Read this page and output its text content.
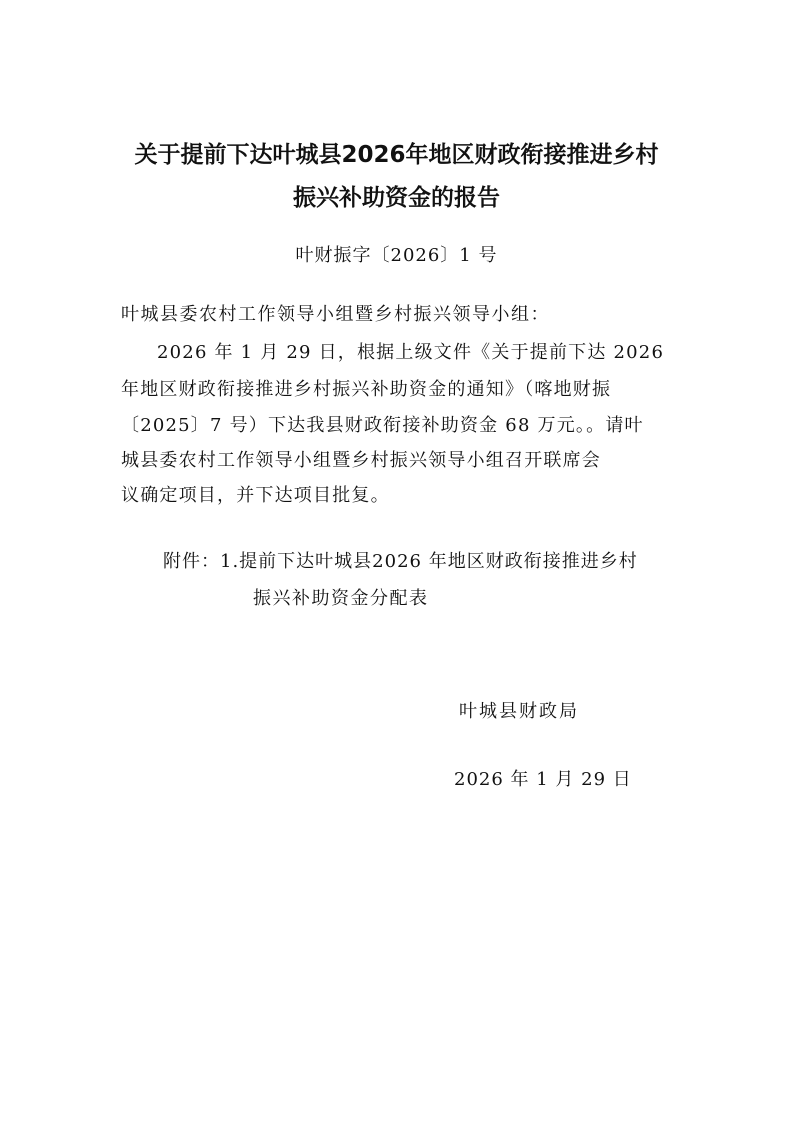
关于提前下达叶城县2026年地区财政衔接推进乡村
振兴补助资金的报告
叶财振字〔2026〕1 号
叶城县委农村工作领导小组暨乡村振兴领导小组：
2026 年 1 月 29 日，根据上级文件《关于提前下达 2026
年地区财政衔接推进乡村振兴补助资金的通知》（喀地财振
〔2025〕7 号）下达我县财政衔接补助资金 68 万元。。请叶
城县委农村工作领导小组暨乡村振兴领导小组召开联席会
议确定项目，并下达项目批复。
附件：1.提前下达叶城县2026 年地区财政衔接推进乡村
振兴补助资金分配表
叶城县财政局
2026 年 1 月 29 日
